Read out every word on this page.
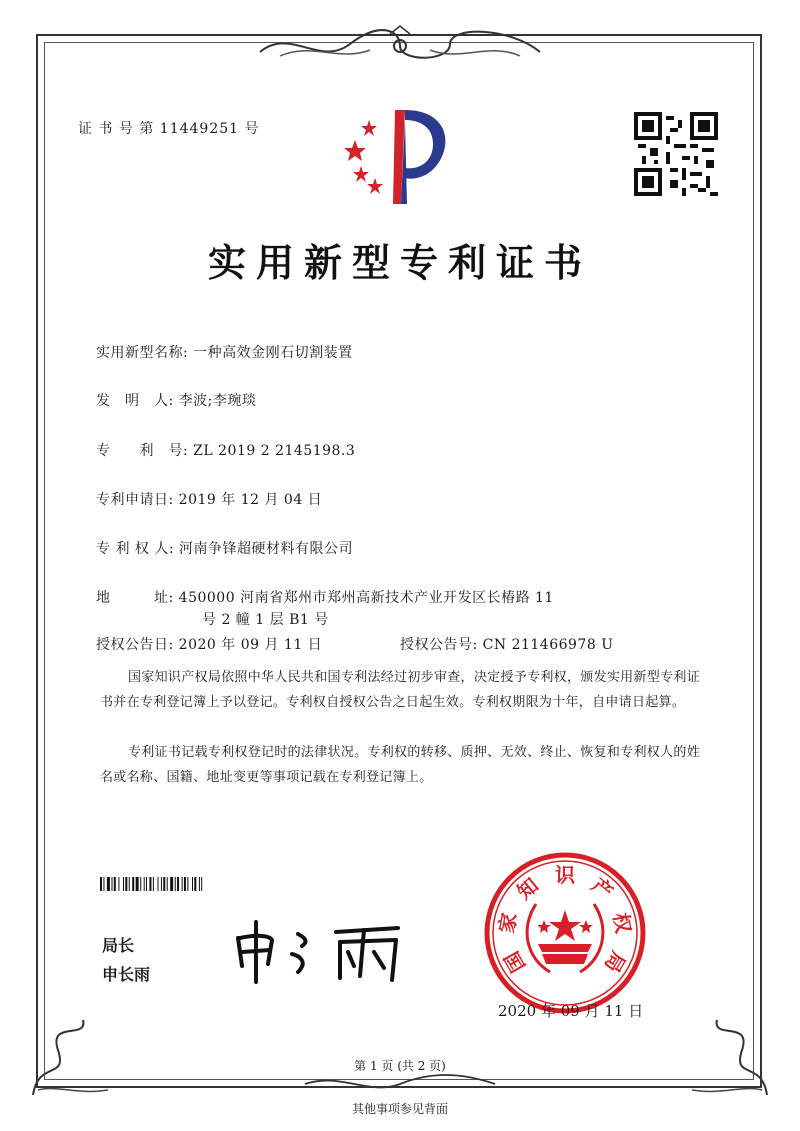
证 书 号 第 11449251 号
实用新型专利证书
实用新型名称: 一种高效金刚石切割装置
发　明　人: 李波;李琬琰
专　　利　号: ZL 2019 2 2145198.3
专利申请日: 2019 年 12 月 04 日
专 利 权 人: 河南争锋超硬材料有限公司
地　　　址: 450000 河南省郑州市郑州高新技术产业开发区长椿路 11
号 2 幢 1 层 B1 号
授权公告日: 2020 年 09 月 11 日	授权公告号: CN 211466978 U
国家知识产权局依照中华人民共和国专利法经过初步审查，决定授予专利权，颁发实用新型专利证书并在专利登记簿上予以登记。专利权自授权公告之日起生效。专利权期限为十年，自申请日起算。
专利证书记载专利权登记时的法律状况。专利权的转移、质押、无效、终止、恢复和专利权人的姓名或名称、国籍、地址变更等事项记载在专利登记簿上。
局长
申长雨	国
家
知 识 产
权
局
2020 年 09 月 11 日
第 1 页 (共 2 页)
其他事项参见背面
